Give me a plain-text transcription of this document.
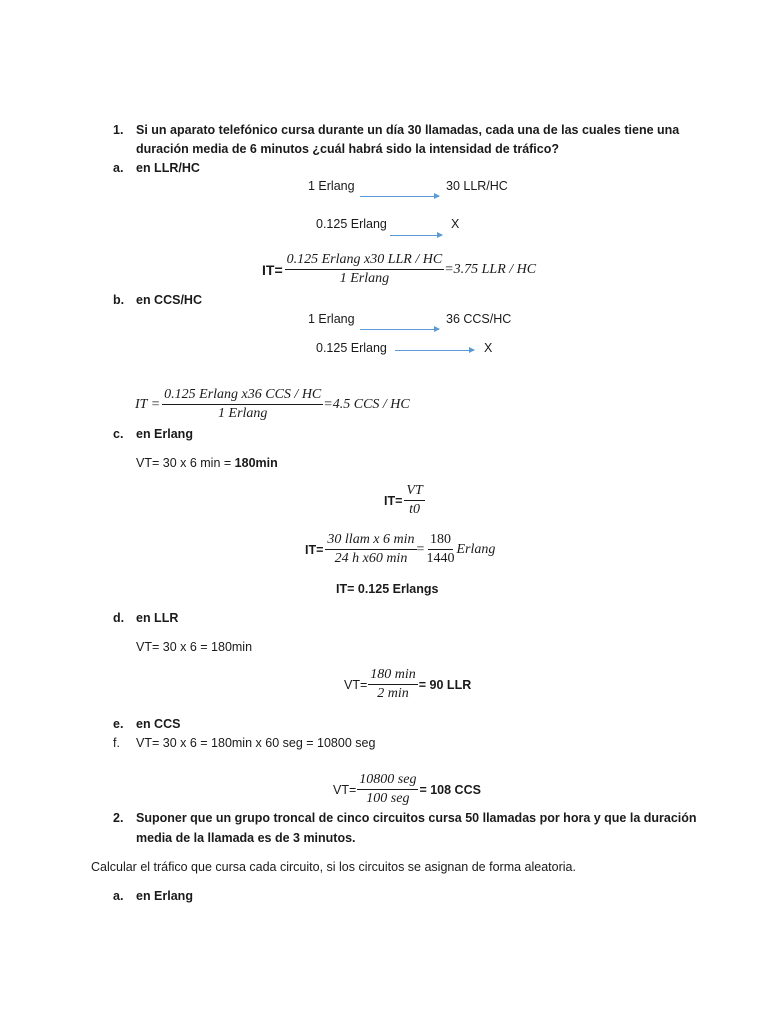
1. Si un aparato telefónico cursa durante un día 30 llamadas, cada una de las cuales tiene una
duración media de 6 minutos ¿cuál habrá sido la intensidad de tráfico?
a. en LLR/HC
1 Erlang	30 LLR/HC
0.125 Erlang	X
$IT= \frac{\text{0.125 Erlang x30 LLR / HC}}{\text{1 Erlang}} =3.75$ LLR / HC
b. en CCS/HC
1 Erlang	36 CCS/HC
0.125 Erlang	X
IT = $\frac{\text{0.125 Erlang x36 CCS / HC}}{\text{1 Erlang}} =4.5$ CCS / HC
c. en Erlang
VT= 30 x 6 min = 180min
$IT= \frac{VT}{t0}$
$IT= \frac{\text{30 llam x 6 min}}{\text{24 h x60 min}} = \frac{180}{1440}$ Erlang
IT= 0.125 Erlangs
d. en LLR
VT= 30 x 6 = 180min
$VT= \frac{180 \min}{2 \min} = 90$ LLR
e. en CCS
f. VT= 30 x 6 = 180min x 60 seg = 10800 seg
$VT= \frac{\text{10800 seg}}{\text{100 seg}} = 108$ CCS
2. Suponer que un grupo troncal de cinco circuitos cursa 50 llamadas por hora y que la duración
media de la llamada es de 3 minutos.
Calcular el tráfico que cursa cada circuito, si los circuitos se asignan de forma aleatoria.
a. en Erlang
